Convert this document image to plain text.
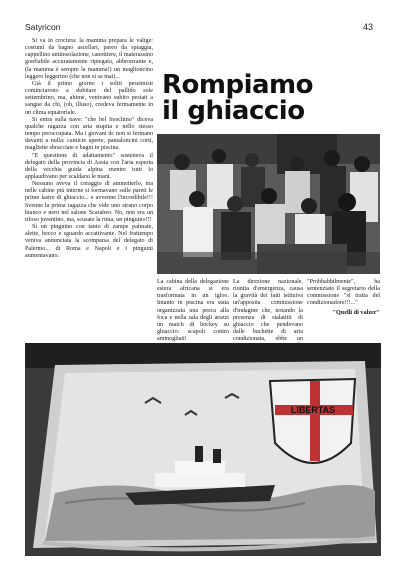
Satyricon	43

Si va in crociera: la mamma prepara le valige: costumi da bagno ascellari, pareo da spiaggia, cappellino antiinsolazione, canottiere, il materassino gonfiabile accuratamente ripiegato, abbronzante e, (la mamma è sempre la mamma!) un maglioncino leggero leggerino (che non si sa mai)...

Già il primo giorno i soliti pessimisti cominciarono a dubitare del pallido sole settembrino, ma, ahimè, venivano subito pestati a sangue da chi, (oh, illuso), credeva fermamente in un clima equatoriale.

Si entra sulla nave: "che bel freschino" diceva qualche ragazza con aria stupita e nello stesso tempo preoccupata. Ma i giovani dc non si fermano davanti a nulla: camicie aperte, pantaloncini corti, maglIette sbracciate e bagni in piscina.

"E questione di adattamento" sosteneva il delegato della provincia di Aosta con l'aria esperta della vecchia guida alpina mentre tutti lo applaudivano per scaldarsi le mani.

Nessuno aveva il coraggio di ammetterlo, ma nelle cabine più interne si formavano sulle pareti le prime lastre di ghiaccio... e avvenne l'incredibile!!! Svenne la prima ragazza che vide uno strano corpo bianco e nero nel salone Scarabeo. No, non era un tifoso juventino, ma, scusate la rima, un pinguino!!!

Sì un pinguino con tanto di zampe palmate, alette, becco e sguardo accattivante. Nel frattempo veniva annunciata la scomparsa del delegato di Palermo... di Roma e Napoli e i pinguini aumentavano.

Rompiamo
il ghiaccio

La cabina della delegazione estera africana si era trasformata in un igloo. Intanto in piscina era stata organizzata una pesca alla foca e nella sala degli arazzi un match di hockey su ghiaccio: scapoli contro ammogliati!

La direzione nazionale, riunita d'emergenza, causa la gravità dei fatti istituiva un'apposita commissione d'indagine che, notando la presenza di stalattiti di ghiaccio che pendevano dalle buchette di aria condizionata, ebbe un

"Probbabbilmente", ha sentenziato il segretario della commissione "si tratta del condizionadore!!!..."

"Quelli di valzer"
LIBERTAS
